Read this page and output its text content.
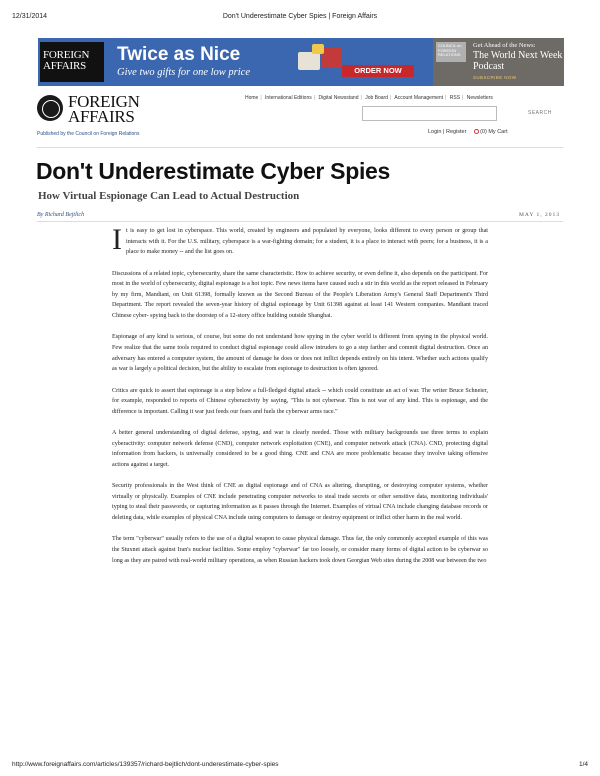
12/31/2014	Don't Underestimate Cyber Spies | Foreign Affairs
FOREIGN AFFAIRS
Twice as Nice
Give two gifts for one low price	ORDER NOW
COUNCIL on FOREIGN RELATIONS
Get Ahead of the News:
The World Next Week Podcast
SUBSCRIBE NOW
FOREIGN AFFAIRS
Published by the Council on Foreign Relations
Home | International Editions | Digital Newsstand | Job Board | Account Management | RSS | Newsletters
SEARCH
Login | Register (0) My Cart
Don't Underestimate Cyber Spies
How Virtual Espionage Can Lead to Actual Destruction
By Richard Bejtlich	MAY 1, 2013

It is easy to get lost in cyberspace. This world, created by engineers and populated by everyone, looks different to every person or group that interacts with it. For the U.S. military, cyberspace is a war-fighting domain; for a student, it is a place to interact with peers; for a business, it is a place to make money -- and the list goes on.

Discussions of a related topic, cybersecurity, share the same characteristic. How to achieve security, or even define it, also depends on the participant. For most in the world of cybersecurity, digital espionage is a hot topic. Few news items have caused such a stir in this world as the report released in February by my firm, Mandiant, on Unit 61398, formally known as the Second Bureau of the People's Liberation Army's General Staff Department's Third Department. The report revealed the seven-year history of digital espionage by Unit 61398 against at least 141 Western companies. Mandiant traced Chinese cyber- spying back to the doorstep of a 12-story office building outside Shanghai.

Espionage of any kind is serious, of course, but some do not understand how spying in the cyber world is different from spying in the physical world. Few realize that the same tools required to conduct digital espionage could allow intruders to go a step farther and commit digital destruction. Once an adversary has entered a computer system, the amount of damage he does or does not inflict depends entirely on his intent. Whether such actions qualify as war is largely a political decision, but the ability to escalate from espionage to destruction is often ignored.

Critics are quick to assert that espionage is a step below a full-fledged digital attack -- which could constitute an act of war. The writer Bruce Schneier, for example, responded to reports of Chinese cyberactivity by saying, "This is not cyberwar. This is not war of any kind. This is espionage, and the difference is important. Calling it war just feeds our fears and fuels the cyberwar arms race."

A better general understanding of digital defense, spying, and war is clearly needed. Those with military backgrounds use three terms to explain cyberactivity: computer network defense (CND), computer network exploitation (CNE), and computer network attack (CNA). CND, protecting digital information from hackers, is universally considered to be a good thing. CNE and CNA are more problematic because they involve taking offensive actions against a target.

Security professionals in the West think of CNE as digital espionage and of CNA as altering, disrupting, or destroying computer systems, whether virtually or physically. Examples of CNE include penetrating computer networks to steal trade secrets or other sensitive data, monitoring individuals' typing to steal their passwords, or capturing information as it passes through the Internet. Examples of virtual CNA include changing database records or deleting data, while examples of physical CNA include using computers to damage or destroy equipment or inflict other harm in the real world.

The term "cyberwar" usually refers to the use of a digital weapon to cause physical damage. Thus far, the only commonly accepted example of this was the Stuxnet attack against Iran's nuclear facilities. Some employ "cyberwar" far too loosely, or consider many forms of digital action to be cyberwar so long as they are paired with real-world military operations, as when Russian hackers took down Georgian Web sites during the 2008 war between the two

http://www.foreignaffairs.com/articles/139357/richard-bejtlich/dont-underestimate-cyber-spies	1/4
